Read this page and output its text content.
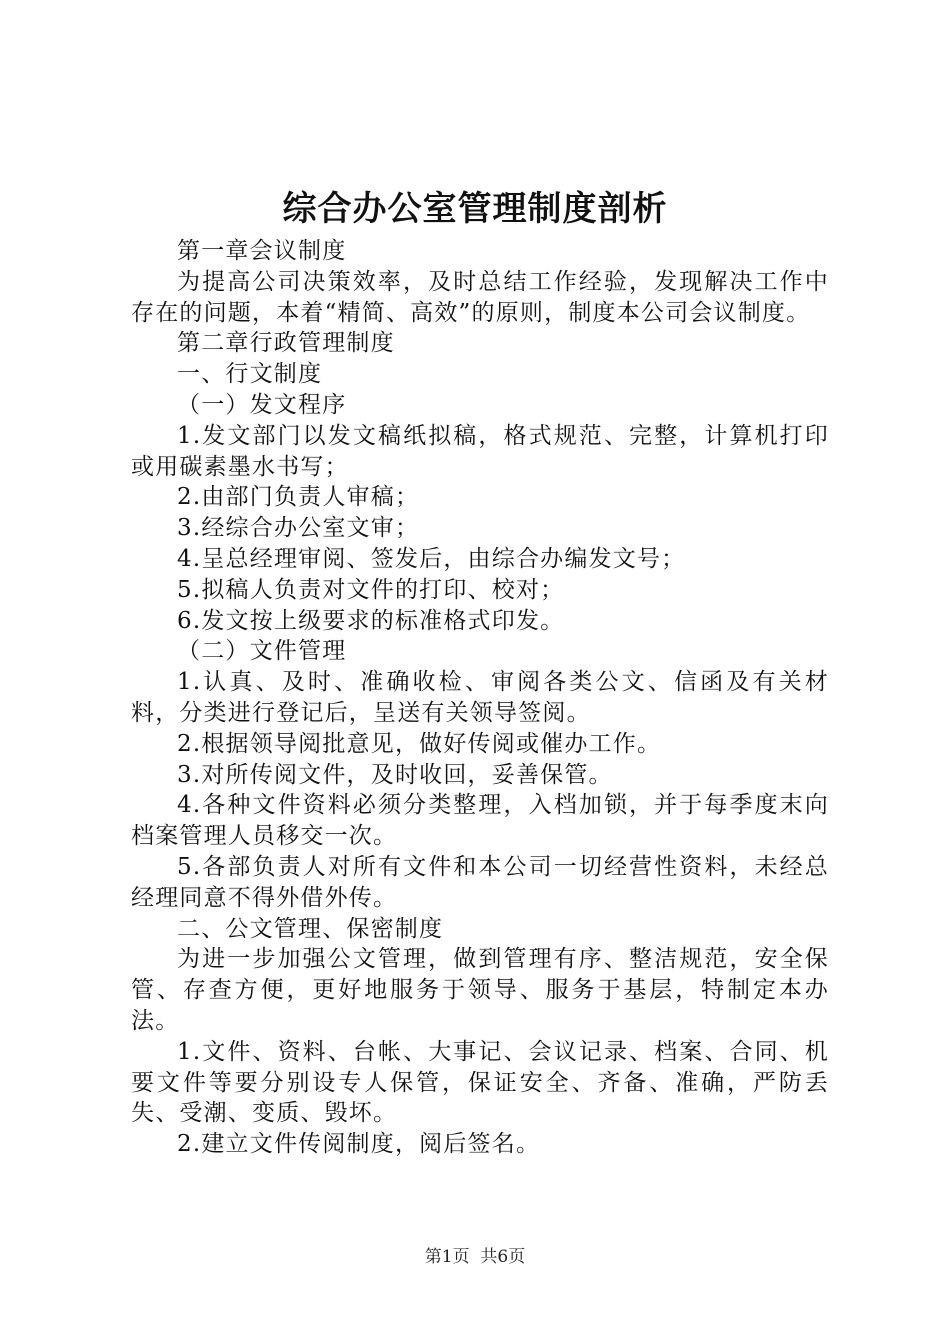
综合办公室管理制度剖析

第一章会议制度

为提高公司决策效率，及时总结工作经验，发现解决工作中存在的问题，本着“精简、高效”的原则，制度本公司会议制度。

第二章行政管理制度

一、行文制度

（一）发文程序

1.发文部门以发文稿纸拟稿，格式规范、完整，计算机打印或用碳素墨水书写；

2.由部门负责人审稿；

3.经综合办公室文审；

4.呈总经理审阅、签发后，由综合办编发文号；

5.拟稿人负责对文件的打印、校对；

6.发文按上级要求的标准格式印发。

（二）文件管理

1.认真、及时、准确收检、审阅各类公文、信函及有关材料，分类进行登记后，呈送有关领导签阅。

2.根据领导阅批意见，做好传阅或催办工作。

3.对所传阅文件，及时收回，妥善保管。

4.各种文件资料必须分类整理，入档加锁，并于每季度末向档案管理人员移交一次。

5.各部负责人对所有文件和本公司一切经营性资料，未经总经理同意不得外借外传。

二、公文管理、保密制度

为进一步加强公文管理，做到管理有序、整洁规范，安全保管、存查方便，更好地服务于领导、服务于基层，特制定本办法。

1.文件、资料、台帐、大事记、会议记录、档案、合同、机要文件等要分别设专人保管，保证安全、齐备、准确，严防丢失、受潮、变质、毁坏。

2.建立文件传阅制度，阅后签名。

第1页 共6页
